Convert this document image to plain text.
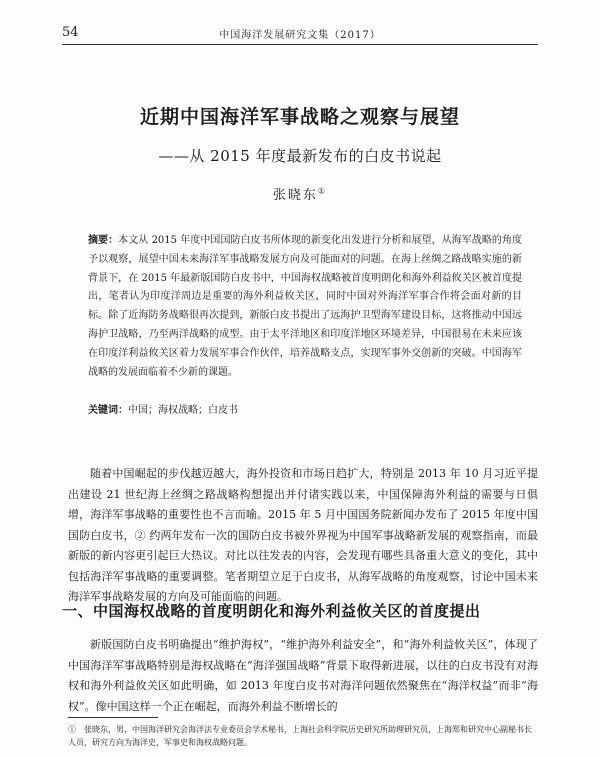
54	中国海洋发展研究文集（2017）
近期中国海洋军事战略之观察与展望
——从 2015 年度最新发布的白皮书说起
张晓东①
摘要：本文从 2015 年度中国国防白皮书所体现的新变化出发进行分析和展望，从海军战略的角度予以观察，展望中国未来海洋军事战略发展方向及可能面对的问题。在海上丝绸之路战略实施的新背景下，在 2015 年最新版国防白皮书中，中国海权战略被首度明朗化和海外利益攸关区被首度提出，笔者认为印度洋周边是重要的海外利益攸关区，同时中国对外海洋军事合作将会面对新的目标。除了近海防务战略很再次提到，新版白皮书提出了远海护卫型海军建设目标，这将推动中国远海护卫战略，乃至两洋战略的成型。由于太平洋地区和印度洋地区环境差异，中国很易在未来应该在印度洋利益攸关区着力发展军事合作伙伴，培养战略支点，实现军事外交创新的突破。中国海军战略的发展面临着不少新的课题。
关键词：中国；海权战略；白皮书
随着中国崛起的步伐越迈越大，海外投资和市场日趋扩大，特别是 2013 年 10 月习近平提出建设 21 世纪海上丝绸之路战略构想提出并付诸实践以来，中国保障海外利益的需要与日俱增，海洋军事战略的重要性也不言而喻。2015 年 5 月中国国务院新闻办发布了 2015 年度中国国防白皮书，② 约两年发布一次的国防白皮书被外界视为中国军事战略新发展的观察指南，而最新版的新内容更引起巨大热议。对比以往发表的内容，会发现有哪些具备重大意义的变化，其中包括海洋军事战略的重要调整。笔者期望立足于白皮书，从海军战略的角度观察，讨论中国未来海洋军事战略发展的方向及可能面临的问题。
一、中国海权战略的首度明朗化和海外利益攸关区的首度提出
新版国防白皮书明确提出“维护海权”，“维护海外利益安全”，和“海外利益攸关区”，体现了中国海洋军事战略特别是海权战略在“海洋强国战略”背景下取得新进展，以往的白皮书没有对海权和海外利益攸关区如此明确，如 2013 年度白皮书对海洋问题依然聚焦在“海洋权益”而非“海权”。像中国这样一个正在崛起，而海外利益不断增长的
①　张晓东，男，中国海洋研究会海洋法专业委员会学术秘书，上海社会科学院历史研究所助理研究员，上海郑和研究中心副秘书长人员，研究方向为海洋史，军事史和海权战略问题。
